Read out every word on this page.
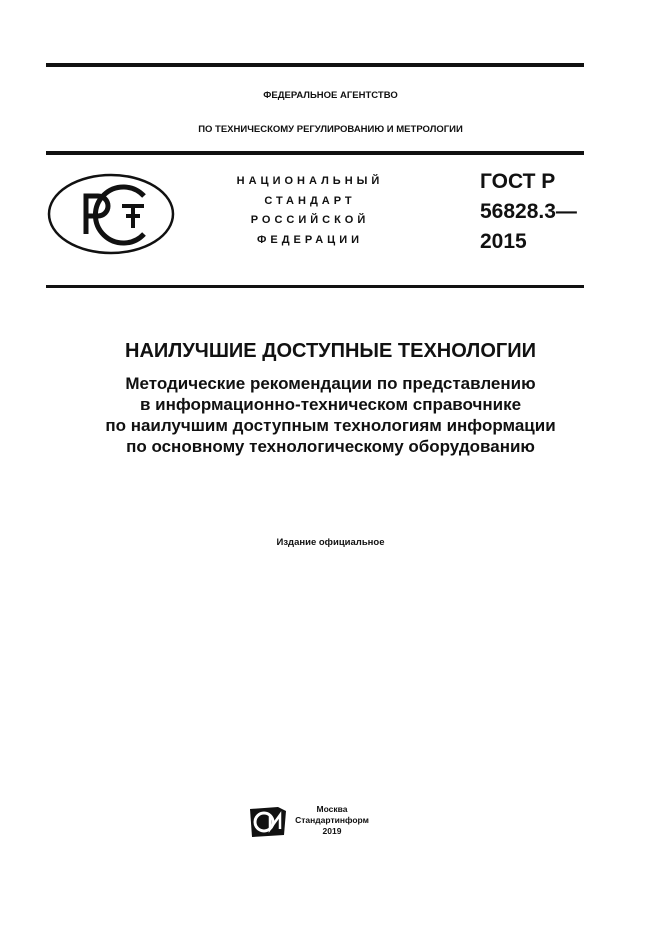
ФЕДЕРАЛЬНОЕ АГЕНТСТВО
ПО ТЕХНИЧЕСКОМУ РЕГУЛИРОВАНИЮ И МЕТРОЛОГИИ
НАЦИОНАЛЬНЫЙ
СТАНДАРТ
РОССИЙСКОЙ
ФЕДЕРАЦИИ
ГОСТ Р
56828.3—
2015
НАИЛУЧШИЕ ДОСТУПНЫЕ ТЕХНОЛОГИИ
Методические рекомендации по представлению
в информационно-техническом справочнике
по наилучшим доступным технологиям информации
по основному технологическому оборудованию
Издание официальное
Москва
Стандартинформ
2019
